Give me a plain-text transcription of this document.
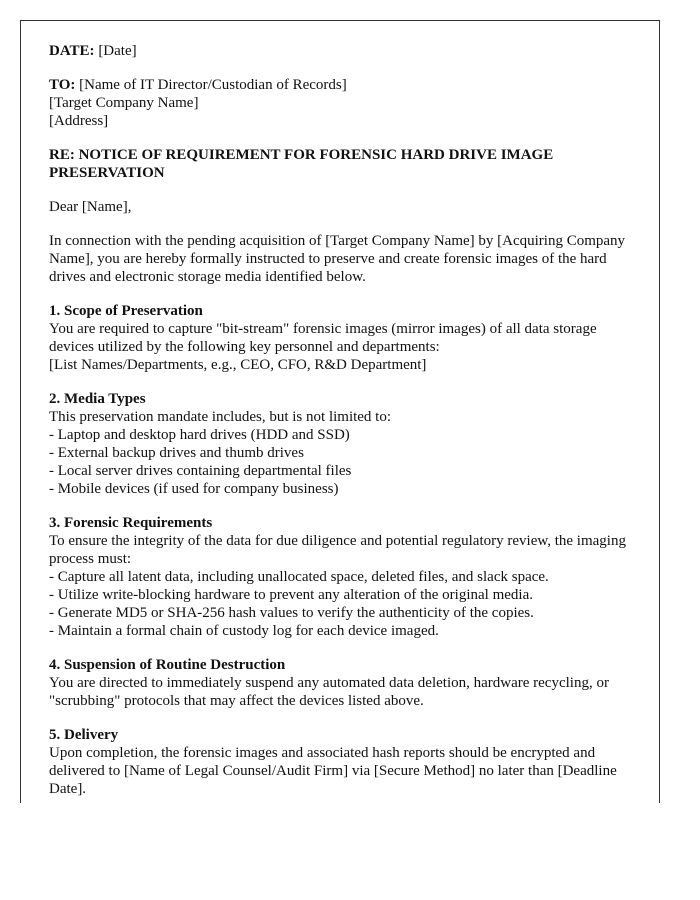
DATE: [Date]

TO: [Name of IT Director/Custodian of Records]
[Target Company Name]
[Address]

RE: NOTICE OF REQUIREMENT FOR FORENSIC HARD DRIVE IMAGE PRESERVATION

Dear [Name],

In connection with the pending acquisition of [Target Company Name] by [Acquiring Company Name], you are hereby formally instructed to preserve and create forensic images of the hard drives and electronic storage media identified below.

1. Scope of Preservation
You are required to capture "bit-stream" forensic images (mirror images) of all data storage devices utilized by the following key personnel and departments:
[List Names/Departments, e.g., CEO, CFO, R&D Department]

2. Media Types
This preservation mandate includes, but is not limited to:
- Laptop and desktop hard drives (HDD and SSD)
- External backup drives and thumb drives
- Local server drives containing departmental files
- Mobile devices (if used for company business)

3. Forensic Requirements
To ensure the integrity of the data for due diligence and potential regulatory review, the imaging process must:
- Capture all latent data, including unallocated space, deleted files, and slack space.
- Utilize write-blocking hardware to prevent any alteration of the original media.
- Generate MD5 or SHA-256 hash values to verify the authenticity of the copies.
- Maintain a formal chain of custody log for each device imaged.

4. Suspension of Routine Destruction
You are directed to immediately suspend any automated data deletion, hardware recycling, or "scrubbing" protocols that may affect the devices listed above.

5. Delivery
Upon completion, the forensic images and associated hash reports should be encrypted and delivered to [Name of Legal Counsel/Audit Firm] via [Secure Method] no later than [Deadline Date].
